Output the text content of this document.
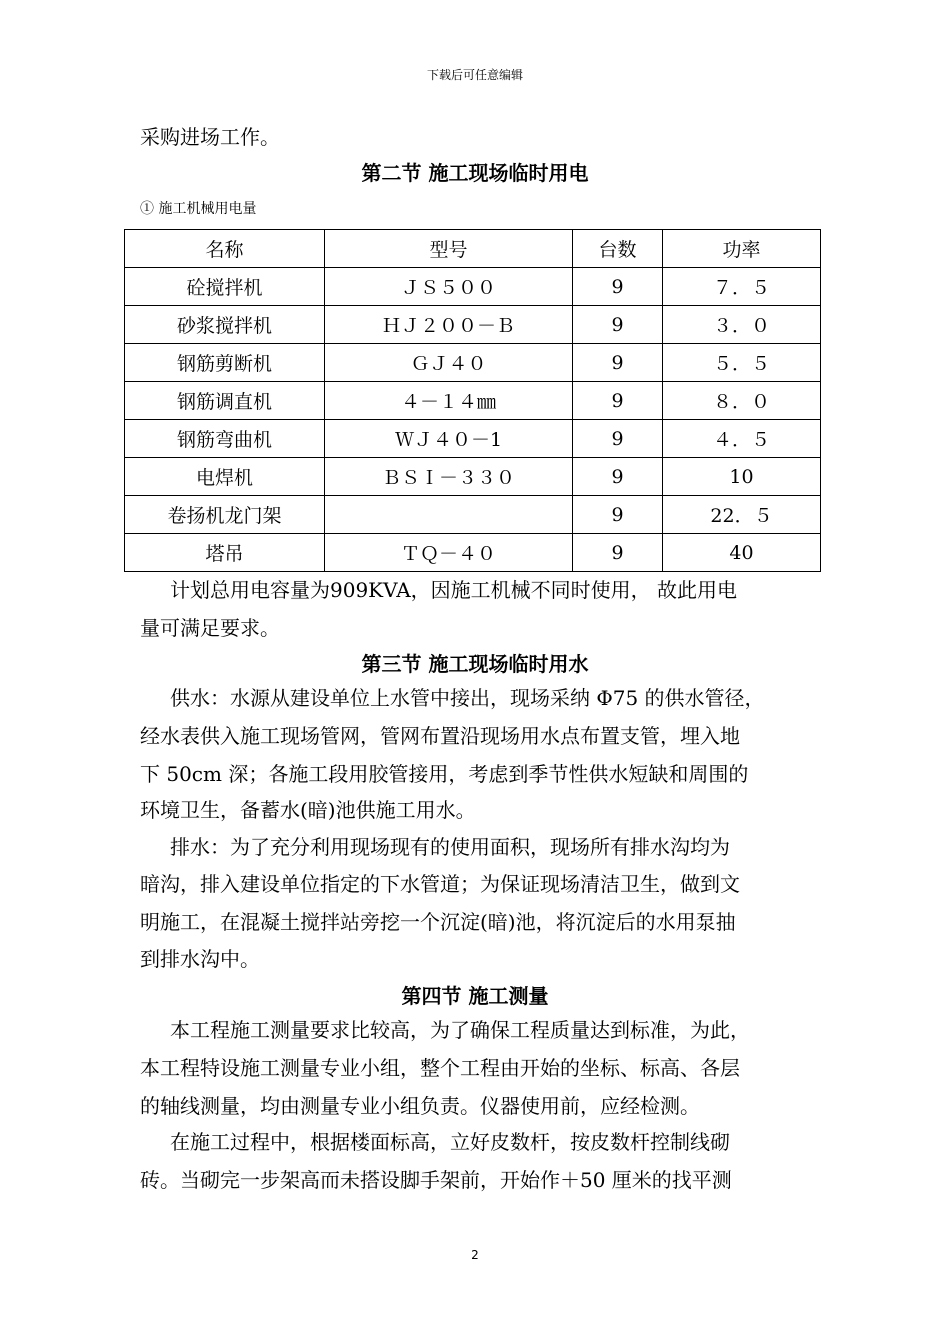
下载后可任意编辑

采购进场工作。

第二节 施工现场临时用电

① 施工机械用电量

名称	型号	台数	功率
砼搅拌机	ＪＳ５００	9	７．５
砂浆搅拌机	ＨＪ２００－Ｂ	9	３．０
钢筋剪断机	ＧＪ４０	9	５．５
钢筋调直机	４－１４㎜	9	８．０
钢筋弯曲机	ＷＪ４０－1	9	４．５
电焊机	ＢＳＩ－３３０	9	10
卷扬机龙门架		9	22．５
塔吊	ＴＱ－４０	9	40

计划总用电容量为909KVA，因施工机械不同时使用， 故此用电

量可满足要求。

第三节 施工现场临时用水

供水：水源从建设单位上水管中接出，现场采纳 Φ75 的供水管径，

经水表供入施工现场管网，管网布置沿现场用水点布置支管，埋入地

下 50cm 深；各施工段用胶管接用，考虑到季节性供水短缺和周围的

环境卫生，备蓄水(暗)池供施工用水。

排水：为了充分利用现场现有的使用面积，现场所有排水沟均为

暗沟，排入建设单位指定的下水管道；为保证现场清洁卫生，做到文

明施工，在混凝土搅拌站旁挖一个沉淀(暗)池，将沉淀后的水用泵抽

到排水沟中。

第四节 施工测量

本工程施工测量要求比较高，为了确保工程质量达到标准，为此，

本工程特设施工测量专业小组，整个工程由开始的坐标、标高、各层

的轴线测量，均由测量专业小组负责。仪器使用前，应经检测。

在施工过程中，根据楼面标高，立好皮数杆，按皮数杆控制线砌

砖。当砌完一步架高而未搭设脚手架前，开始作＋50 厘米的找平测

2
